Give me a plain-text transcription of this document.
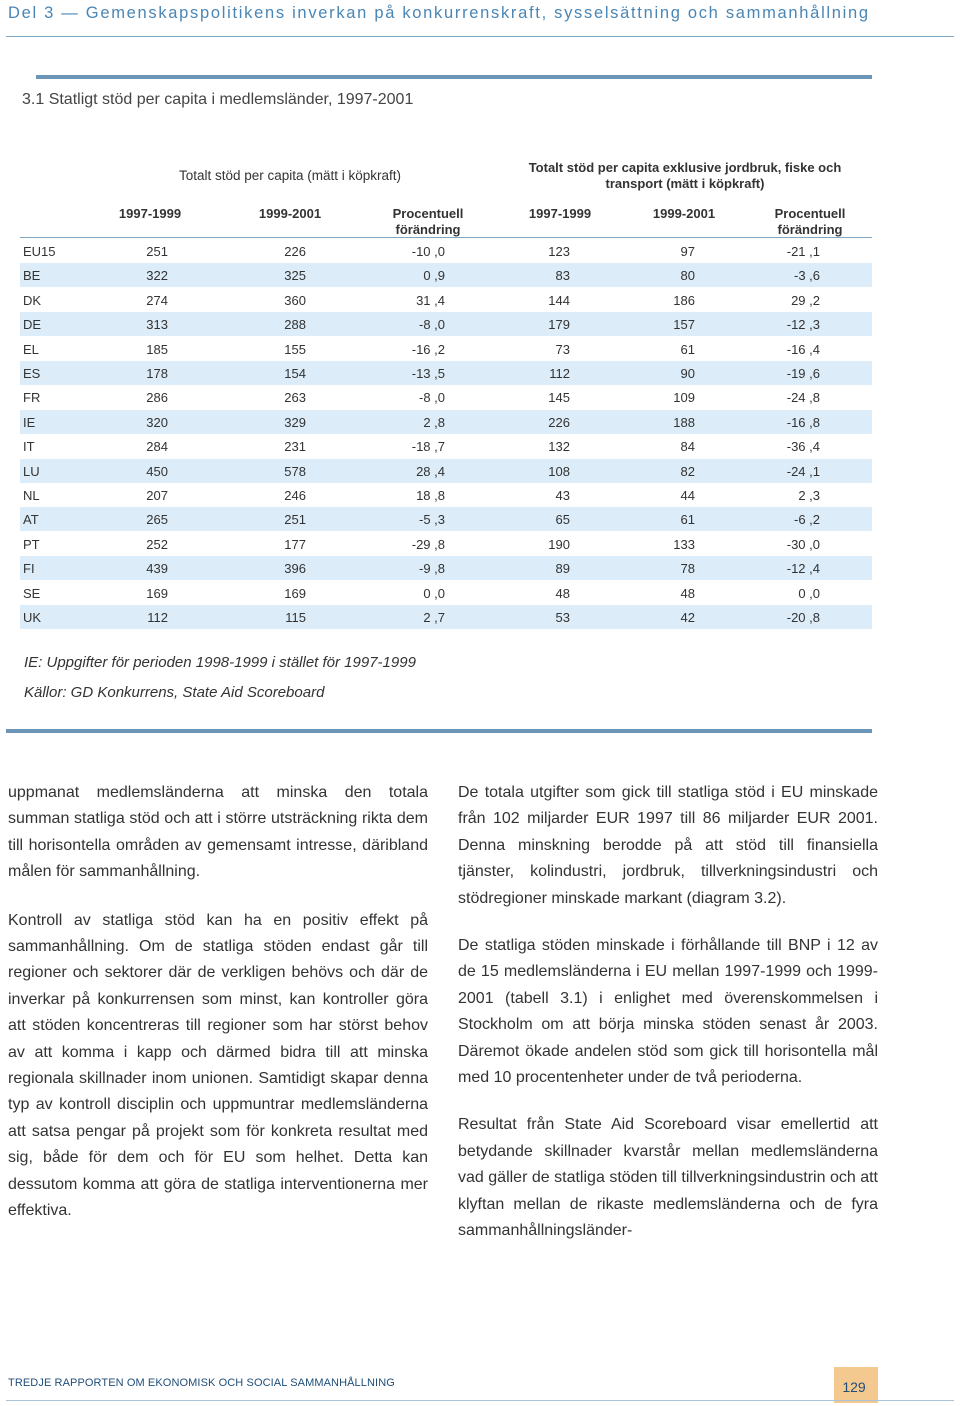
Del 3 — Gemenskapspolitikens inverkan på konkurrenskraft, sysselsättning och sammanhållning
3.1 Statligt stöd per capita i medlemsländer, 1997-2001
Totalt stöd per capita (mätt i köpkraft)
Totalt stöd per capita exklusive jordbruk, fiske och
transport (mätt i köpkraft)
1997-1999	1999-2001	Procentuell
förändring
1997-1999	1999-2001	Procentuell
förändring
EU15	251	226	-10 ,0	123	97	-21 ,1
BE	322	325	0 ,9	83	80	-3 ,6
DK	274	360	31 ,4	144	186	29 ,2
DE	313	288	-8 ,0	179	157	-12 ,3
EL	185	155	-16 ,2	73	61	-16 ,4
ES	178	154	-13 ,5	112	90	-19 ,6
FR	286	263	-8 ,0	145	109	-24 ,8
IE	320	329	2 ,8	226	188	-16 ,8
IT	284	231	-18 ,7	132	84	-36 ,4
LU	450	578	28 ,4	108	82	-24 ,1
NL	207	246	18 ,8	43	44	2 ,3
AT	265	251	-5 ,3	65	61	-6 ,2
PT	252	177	-29 ,8	190	133	-30 ,0
FI	439	396	-9 ,8	89	78	-12 ,4
SE	169	169	0 ,0	48	48	0 ,0
UK	112	115	2 ,7	53	42	-20 ,8
IE: Uppgifter för perioden 1998-1999 i stället för 1997-1999
Källor: GD Konkurrens, State Aid Scoreboard

uppmanat medlemsländerna att minska den totala summan statliga stöd och att i större utsträckning rikta dem till horisontella områden av gemensamt intresse, däribland målen för sammanhållning.

Kontroll av statliga stöd kan ha en positiv effekt på sammanhållning. Om de statliga stöden endast går till regioner och sektorer där de verkligen behövs och där de inverkar på konkurrensen som minst, kan kontroller göra att stöden koncentreras till regioner som har störst behov av att komma i kapp och därmed bidra till att minska regionala skillnader inom unionen. Samtidigt skapar denna typ av kontroll disciplin och uppmuntrar medlemsländerna att satsa pengar på projekt som för konkreta resultat med sig, både för dem och för EU som helhet. Detta kan dessutom komma att göra de statliga interventionerna mer effektiva.

De totala utgifter som gick till statliga stöd i EU minskade från 102 miljarder EUR 1997 till 86 miljarder EUR 2001. Denna minskning berodde på att stöd till finansiella tjänster, kolindustri, jordbruk, tillverkningsindustri och stödregioner minskade markant (diagram 3.2).

De statliga stöden minskade i förhållande till BNP i 12 av de 15 medlemsländerna i EU mellan 1997-1999 och 1999-2001 (tabell 3.1) i enlighet med överenskommelsen i Stockholm om att börja minska stöden senast år 2003. Däremot ökade andelen stöd som gick till horisontella mål med 10 procentenheter under de två perioderna.

Resultat från State Aid Scoreboard visar emellertid att betydande skillnader kvarstår mellan medlemsländerna vad gäller de statliga stöden till tillverkningsindustrin och att klyftan mellan de rikaste medlemsländerna och de fyra sammanhållningsländer-

TREDJE RAPPORTEN OM EKONOMISK OCH SOCIAL SAMMANHÅLLNING	129
